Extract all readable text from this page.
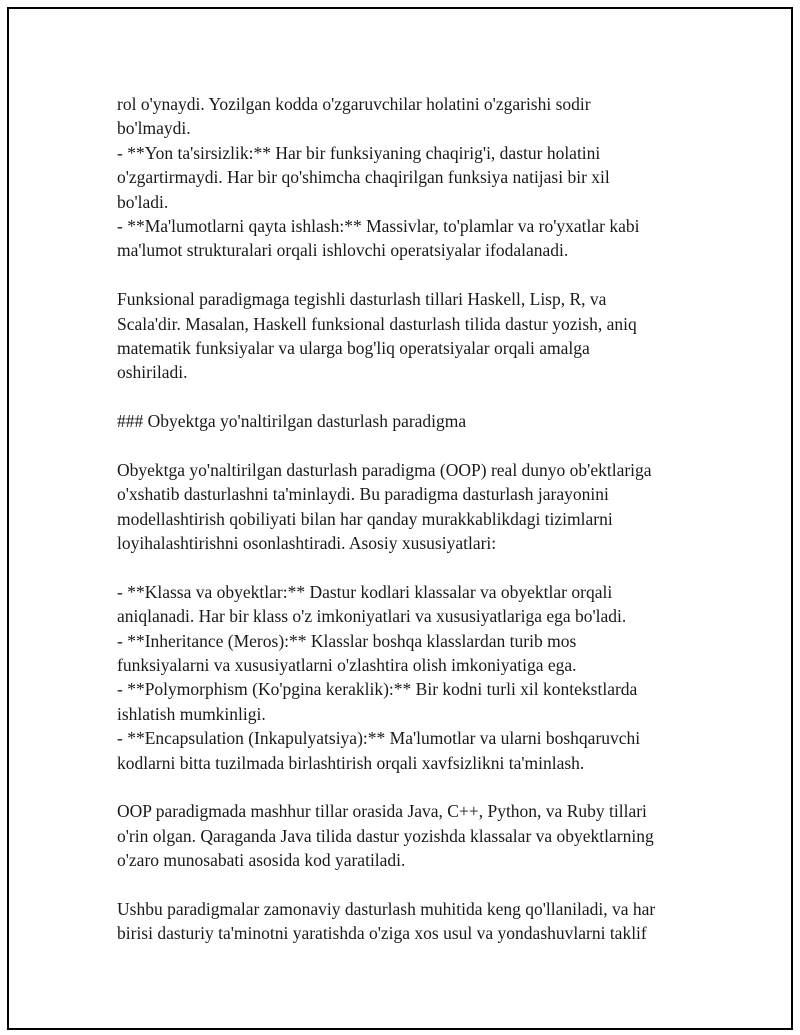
rol o'ynaydi. Yozilgan kodda o'zgaruvchilar holatini o'zgarishi sodir
bo'lmaydi.
- **Yon ta'sirsizlik:** Har bir funksiyaning chaqirig'i, dastur holatini
o'zgartirmaydi. Har bir qo'shimcha chaqirilgan funksiya natijasi bir xil
bo'ladi.
- **Ma'lumotlarni qayta ishlash:** Massivlar, to'plamlar va ro'yxatlar kabi
ma'lumot strukturalari orqali ishlovchi operatsiyalar ifodalanadi.
Funksional paradigmaga tegishli dasturlash tillari Haskell, Lisp, R, va
Scala'dir. Masalan, Haskell funksional dasturlash tilida dastur yozish, aniq
matematik funksiyalar va ularga bog'liq operatsiyalar orqali amalga
oshiriladi.
### Obyektga yo'naltirilgan dasturlash paradigma
Obyektga yo'naltirilgan dasturlash paradigma (OOP) real dunyo ob'ektlariga
o'xshatib dasturlashni ta'minlaydi. Bu paradigma dasturlash jarayonini
modellashtirish qobiliyati bilan har qanday murakkablikdagi tizimlarni
loyihalashtirishni osonlashtiradi. Asosiy xususiyatlari:
- **Klassa va obyektlar:** Dastur kodlari klassalar va obyektlar orqali
aniqlanadi. Har bir klass o'z imkoniyatlari va xususiyatlariga ega bo'ladi.
- **Inheritance (Meros):** Klasslar boshqa klasslardan turib mos
funksiyalarni va xususiyatlarni o'zlashtira olish imkoniyatiga ega.
- **Polymorphism (Ko'pgina keraklik):** Bir kodni turli xil kontekstlarda
ishlatish mumkinligi.
- **Encapsulation (Inkapulyatsiya):** Ma'lumotlar va ularni boshqaruvchi
kodlarni bitta tuzilmada birlashtirish orqali xavfsizlikni ta'minlash.
OOP paradigmada mashhur tillar orasida Java, C++, Python, va Ruby tillari
o'rin olgan. Qaraganda Java tilida dastur yozishda klassalar va obyektlarning
o'zaro munosabati asosida kod yaratiladi.
Ushbu paradigmalar zamonaviy dasturlash muhitida keng qo'llaniladi, va har
birisi dasturiy ta'minotni yaratishda o'ziga xos usul va yondashuvlarni taklif
